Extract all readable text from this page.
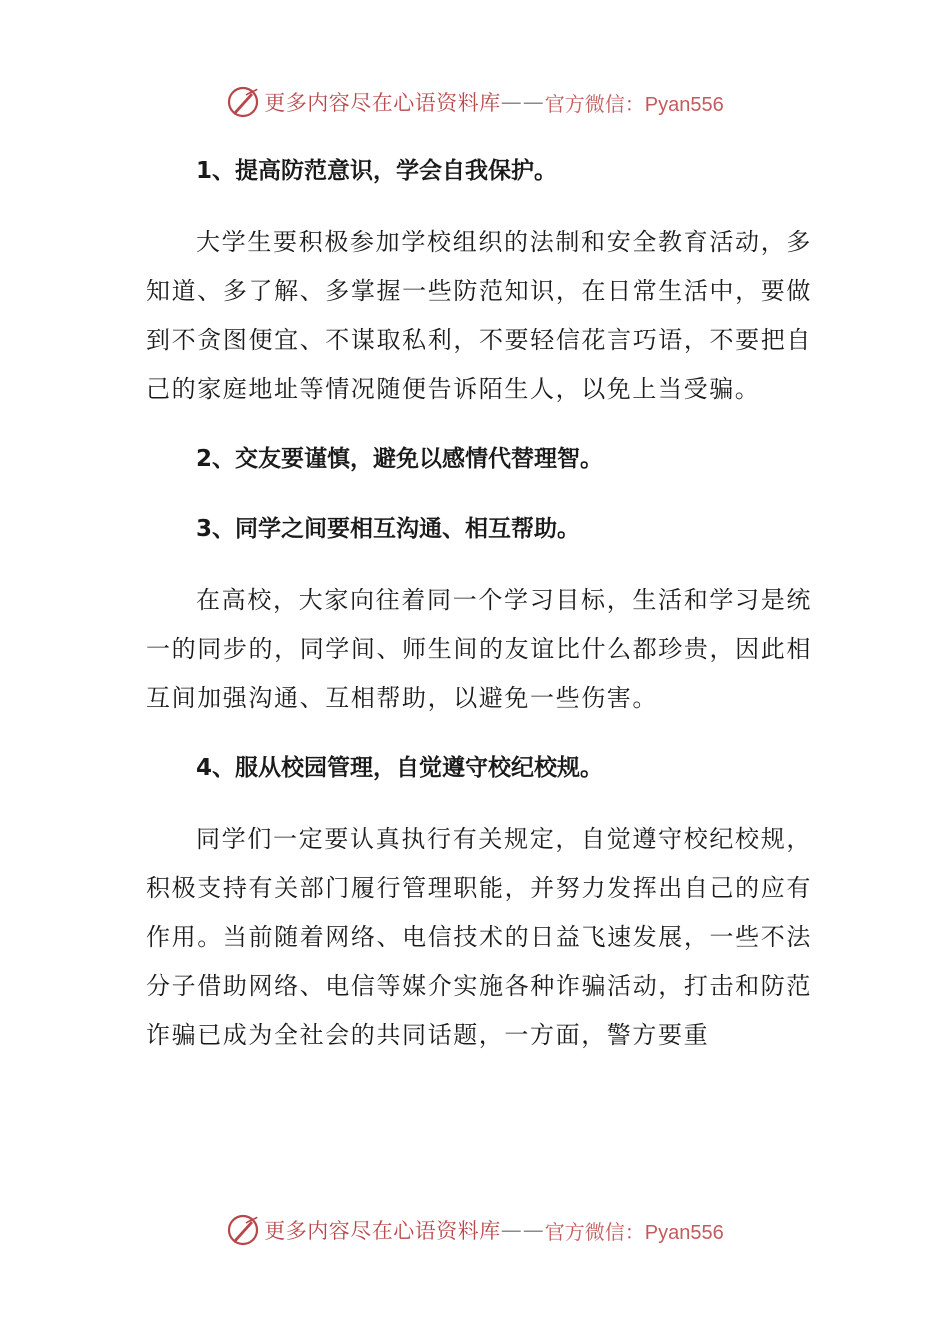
更多内容尽在心语资料库 —— 官方微信：Pyan556

1、提高防范意识，学会自我保护。

大学生要积极参加学校组织的法制和安全教育活动，多知道、多了解、多掌握一些防范知识，在日常生活中，要做到不贪图便宜、不谋取私利，不要轻信花言巧语，不要把自己的家庭地址等情况随便告诉陌生人，以免上当受骗。

2、交友要谨慎，避免以感情代替理智。

3、同学之间要相互沟通、相互帮助。

在高校，大家向往着同一个学习目标，生活和学习是统一的同步的，同学间、师生间的友谊比什么都珍贵，因此相互间加强沟通、互相帮助，以避免一些伤害。

4、服从校园管理，自觉遵守校纪校规。

同学们一定要认真执行有关规定，自觉遵守校纪校规，积极支持有关部门履行管理职能，并努力发挥出自己的应有作用。当前随着网络、电信技术的日益飞速发展，一些不法分子借助网络、电信等媒介实施各种诈骗活动，打击和防范诈骗已成为全社会的共同话题，一方面，警方要重

更多内容尽在心语资料库 —— 官方微信：Pyan556
